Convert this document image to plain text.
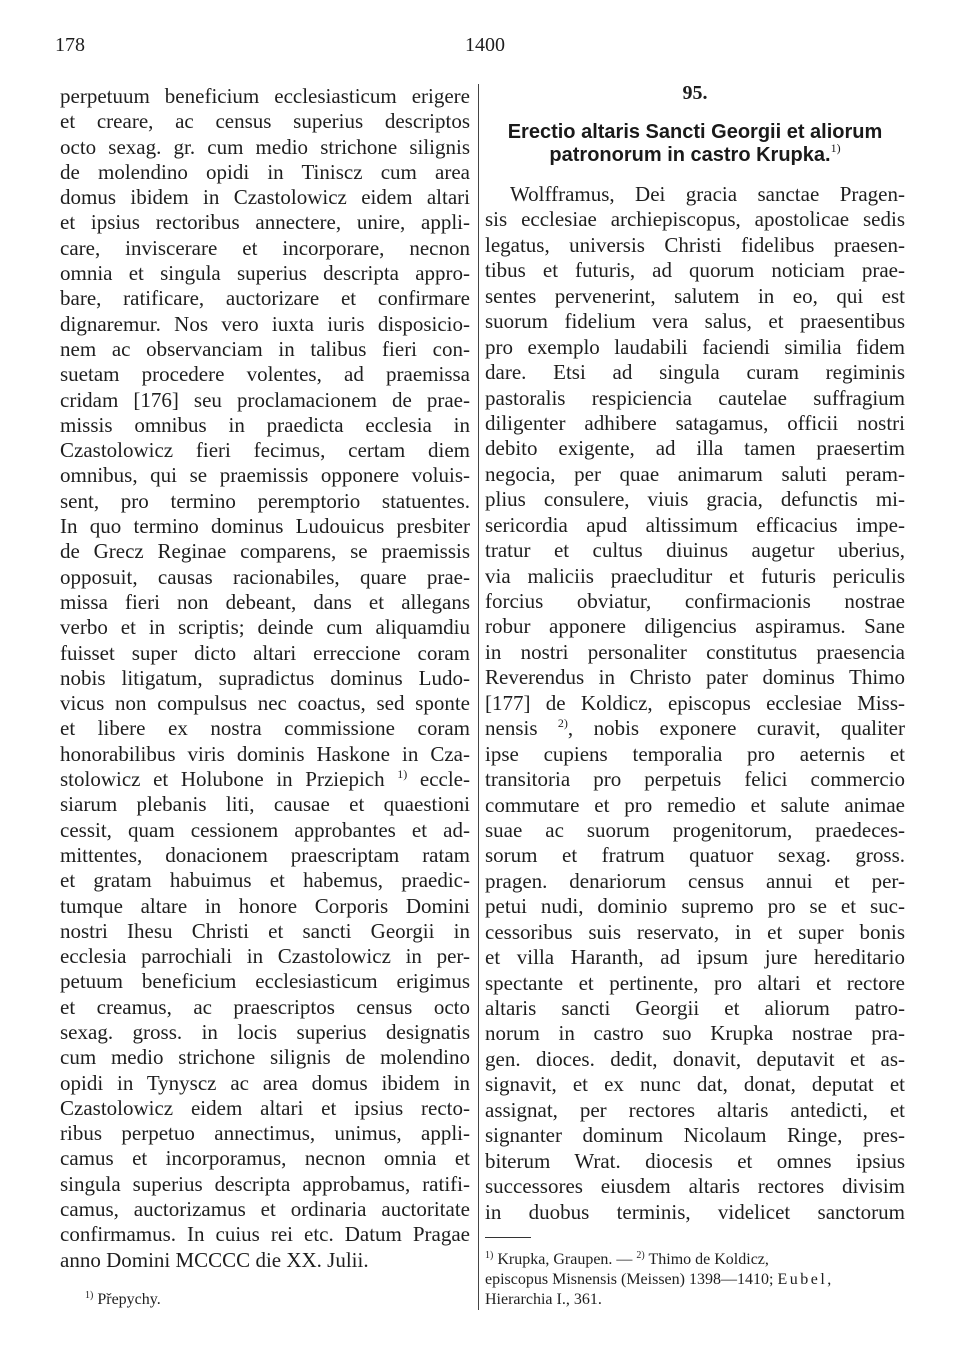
178	1400
perpetuum beneficium ecclesiasticum erigere
et creare, ac census superius descriptos
octo sexag. gr. cum medio strichone silignis
de molendino opidi in Tiniscz cum area
domus ibidem in Czastolowicz eidem altari
et ipsius rectoribus annectere, unire, appli-
care, inviscerare et incorporare, necnon
omnia et singula superius descripta appro-
bare, ratificare, auctorizare et confirmare
dignaremur. Nos vero iuxta iuris disposicio-
nem ac observanciam in talibus fieri con-
suetam procedere volentes, ad praemissa
cridam [176] seu proclamacionem de prae-
missis omnibus in praedicta ecclesia in
Czastolowicz fieri fecimus, certam diem
omnibus, qui se praemissis opponere voluis-
sent, pro termino peremptorio statuentes.
In quo termino dominus Ludouicus presbiter
de Grecz Reginae comparens, se praemissis
opposuit, causas racionabiles, quare prae-
missa fieri non debeant, dans et allegans
verbo et in scriptis; deinde cum aliquamdiu
fuisset super dicto altari erreccione coram
nobis litigatum, supradictus dominus Ludo-
vicus non compulsus nec coactus, sed sponte
et libere ex nostra commissione coram
honorabilibus viris dominis Haskone in Cza-
stolowicz et Holubone in Prziepich $^{1)}$ eccle-
siarum plebanis liti, causae et quaestioni
cessit, quam cessionem approbantes et ad-
mittentes, donacionem praescriptam ratam
et gratam habuimus et habemus, praedic-
tumque altare in honore Corporis Domini
nostri Ihesu Christi et sancti Georgii in
ecclesia parrochiali in Czastolowicz in per-
petuum beneficium ecclesiasticum erigimus
et creamus, ac praescriptos census octo
sexag. gross. in locis superius designatis
cum medio strichone silignis de molendino
opidi in Tynyscz ac area domus ibidem in
Czastolowicz eidem altari et ipsius recto-
ribus perpetuo annectimus, unimus, appli-
camus et incorporamus, necnon omnia et
singula superius descripta approbamus, ratifi-
camus, auctorizamus et ordinaria auctoritate
confirmamus. In cuius rei etc. Datum Pragae
anno Domini MCCCC die XX. Julii.
$^{1)}$ Přepychy.
95.
Erectio altaris Sancti Georgii et aliorum
patronorum in castro Krupka.$^{1)}$
Wolfframus, Dei gracia sanctae Pragen-
sis ecclesiae archiepiscopus, apostolicae sedis
legatus, universis Christi fidelibus praesen-
tibus et futuris, ad quorum noticiam prae-
sentes pervenerint, salutem in eo, qui est
suorum fidelium vera salus, et praesentibus
pro exemplo laudabili faciendi similia fidem
dare. Etsi ad singula curam regiminis
pastoralis respiciencia cautelae suffragium
diligenter adhibere satagamus, officii nostri
debito exigente, ad illa tamen praesertim
negocia, per quae animarum saluti peram-
plius consulere, viuis gracia, defunctis mi-
sericordia apud altissimum efficacius impe-
tratur et cultus diuinus augetur uberius,
via maliciis praecluditur et futuris periculis
forcius obviatur, confirmacionis nostrae
robur apponere diligencius aspiramus. Sane
in nostri personaliter constitutus praesencia
Reverendus in Christo pater dominus Thimo
[177] de Koldicz, episcopus ecclesiae Miss-
nensis $^{2)}$, nobis exponere curavit, qualiter
ipse cupiens temporalia pro aeternis et
transitoria pro perpetuis felici commercio
commutare et pro remedio et salute animae
suae ac suorum progenitorum, praedeces-
sorum et fratrum quatuor sexag. gross.
pragen. denariorum census annui et per-
petui nudi, dominio supremo pro se et suc-
cessoribus suis reservato, in et super bonis
et villa Haranth, ad ipsum jure hereditario
spectante et pertinente, pro altari et rectore
altaris sancti Georgii et aliorum patro-
norum in castro suo Krupka nostrae pra-
gen. dioces. dedit, donavit, deputavit et as-
signavit, et ex nunc dat, donat, deputat et
assignat, per rectores altaris antedicti, et
signanter dominum Nicolaum Ringe, pres-
biterum Wrat. diocesis et omnes ipsius
successores eiusdem altaris rectores divisim
in duobus terminis, videlicet sanctorum
$^{1)}$ Krupka, Graupen. — $^{2)}$ Thimo de Koldicz,
episcopus Misnensis (Meissen) 1398—1410; Eubel,
Hierarchia I., 361.
